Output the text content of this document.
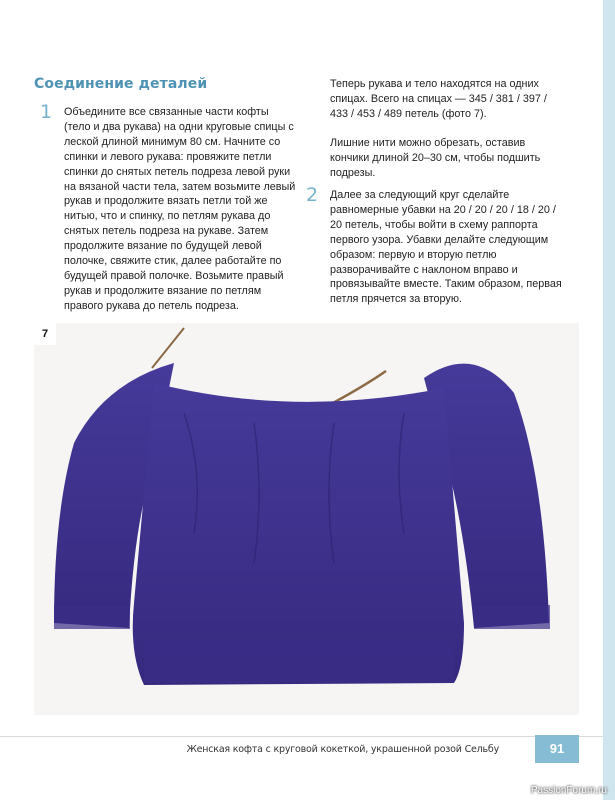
Соединение деталей
1 Объедините все связанные части кофты (тело и два рукава) на одни круговые спицы с леской длиной минимум 80 см. Начните со спинки и левого рукава: провяжите петли спинки до снятых петель подреза левой руки на вязаной части тела, затем возьмите левый рукав и продолжите вязать петли той же нитью, что и спинку, по петлям рукава до снятых петель подреза на рукаве. Затем продолжите вязание по будущей левой полочке, свяжите стик, далее работайте по будущей правой полочке. Возьмите правый рукав и продолжите вязание по петлям правого рукава до петель подреза.

Теперь рукава и тело находятся на одних спицах. Всего на спицах — 345 / 381 / 397 / 433 / 453 / 489 петель (фото 7).

Лишние нити можно обрезать, оставив кончики длиной 20–30 см, чтобы подшить подрезы.

2 Далее за следующий круг сделайте равномерные убавки на 20 / 20 / 20 / 18 / 20 / 20 петель, чтобы войти в схему раппорта первого узора. Убавки делайте следующим образом: первую и вторую петлю разворачивайте с наклоном вправо и провязывайте вместе. Таким образом, первая петля прячется за вторую.

7
Женская кофта с круговой кокеткой, украшенной розой Сельбу	91
PassionForum.ru
